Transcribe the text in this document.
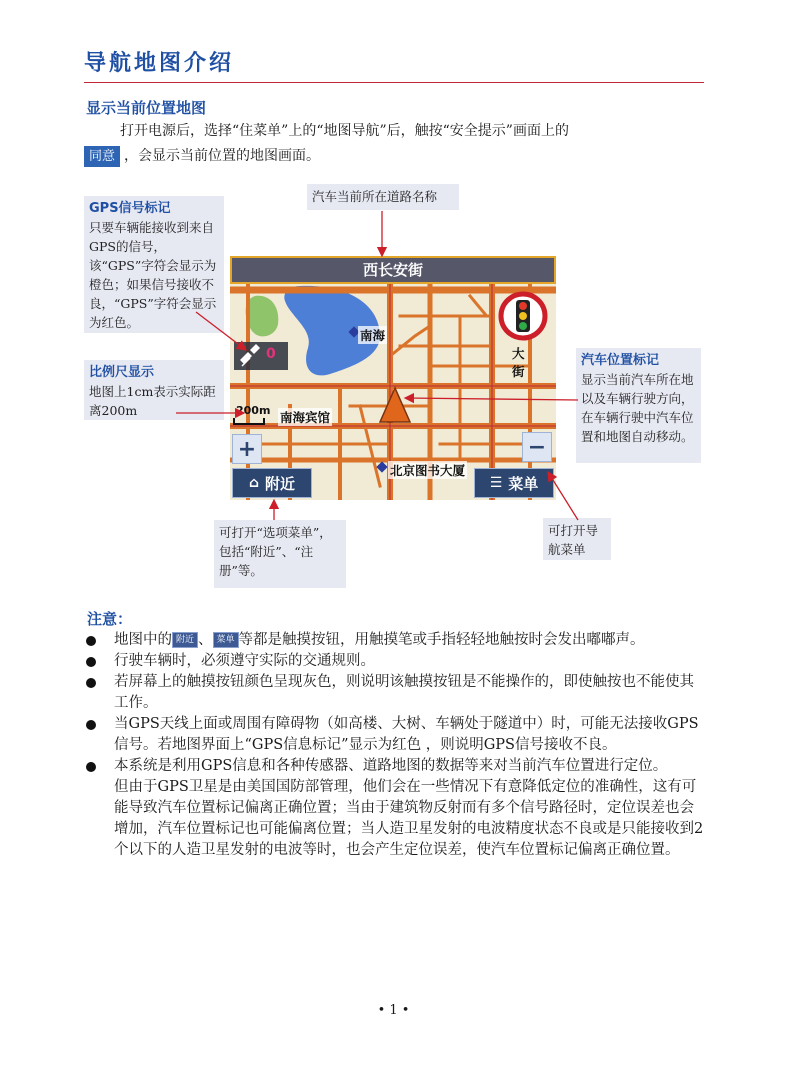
导航地图介绍
显示当前位置地图
打开电源后，选择“住菜单”上的“地图导航”后，触按“安全提示”画面上的
同意 ，会显示当前位置的地图画面。
汽车当前所在道路名称
GPS信号标记
只要车辆能接收到来自GPS的信号，该“GPS”字符会显示为橙色；如果信号接收不良，“GPS”字符会显示为红色。
比例尺显示
地图上1cm表示实际距离200m
汽车位置标记
显示当前汽车所在地以及车辆行驶方向，在车辆行驶中汽车位置和地图自动移动。
可打开“选项菜单”，包括“附近”、“注册”等。
可打开导航菜单
西长安街
南海
南海宾馆
北京图书大厦
大
街
200m
0
+	−
⌂ 附近	☰ 菜单
注意：
地图中的 附近 、 菜单 等都是触摸按钮，用触摸笔或手指轻轻地触按时会发出嘟嘟声。
行驶车辆时，必须遵守实际的交通规则。
若屏幕上的触摸按钮颜色呈现灰色，则说明该触摸按钮是不能操作的，即使触按也不能使其工作。
当GPS天线上面或周围有障碍物（如高楼、大树、车辆处于隧道中）时，可能无法接收GPS信号。若地图界面上“GPS信息标记”显示为红色 ，则说明GPS信号接收不良。
本系统是利用GPS信息和各种传感器、道路地图的数据等来对当前汽车位置进行定位。
但由于GPS卫星是由美国国防部管理，他们会在一些情况下有意降低定位的准确性，这有可能导致汽车位置标记偏离正确位置；当由于建筑物反射而有多个信号路径时，定位误差也会增加，汽车位置标记也可能偏离位置；当人造卫星发射的电波精度状态不良或是只能接收到2个以下的人造卫星发射的电波等时，也会产生定位误差，使汽车位置标记偏离正确位置。
• 1 •
